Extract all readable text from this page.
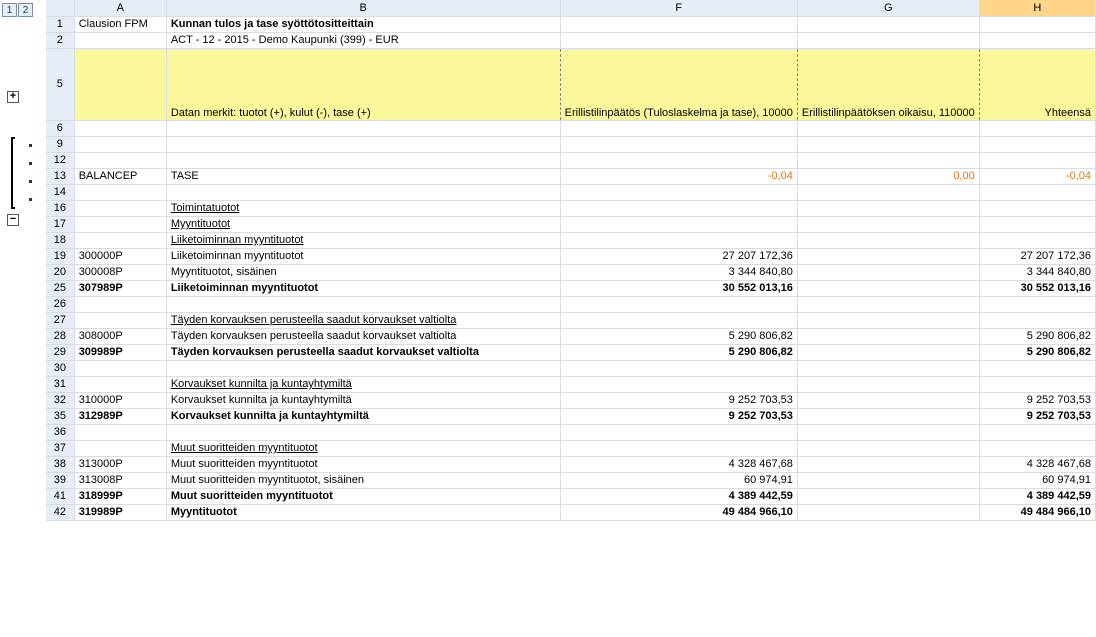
1	2
+
−
	A	B	F	G	H
1	Clausion FPM	Kunnan tulos ja tase syöttötositteittain			
2		ACT - 12 - 2015 - Demo Kaupunki (399) - EUR			
5		Datan merkit: tuotot (+), kulut (-), tase (+)	Erillistilinpäätös (Tuloslaskelma ja tase), 10000	Erillistilinpäätöksen oikaisu, 110000	Yhteensä
6					
9					
12					
13	BALANCEP	TASE	-0,04	0,00	-0,04
14					
16		Toimintatuotot			
17		Myyntituotot			
18		Liiketoiminnan myyntituotot			
19	300000P	Liiketoiminnan myyntituotot	27 207 172,36		27 207 172,36
20	300008P	Myyntituotot, sisäinen	3 344 840,80		3 344 840,80
25	307989P	Liiketoiminnan myyntituotot	30 552 013,16		30 552 013,16
26					
27		Täyden korvauksen perusteella saadut korvaukset valtiolta			
28	308000P	Täyden korvauksen perusteella saadut korvaukset valtiolta	5 290 806,82		5 290 806,82
29	309989P	Täyden korvauksen perusteella saadut korvaukset valtiolta	5 290 806,82		5 290 806,82
30					
31		Korvaukset kunnilta ja kuntayhtymiltä			
32	310000P	Korvaukset kunnilta ja kuntayhtymiltä	9 252 703,53		9 252 703,53
35	312989P	Korvaukset kunnilta ja kuntayhtymiltä	9 252 703,53		9 252 703,53
36					
37		Muut suoritteiden myyntituotot			
38	313000P	Muut suoritteiden myyntituotot	4 328 467,68		4 328 467,68
39	313008P	Muut suoritteiden myyntituotot, sisäinen	60 974,91		60 974,91
41	318999P	Muut suoritteiden myyntituotot	4 389 442,59		4 389 442,59
42	319989P	Myyntituotot	49 484 966,10		49 484 966,10
